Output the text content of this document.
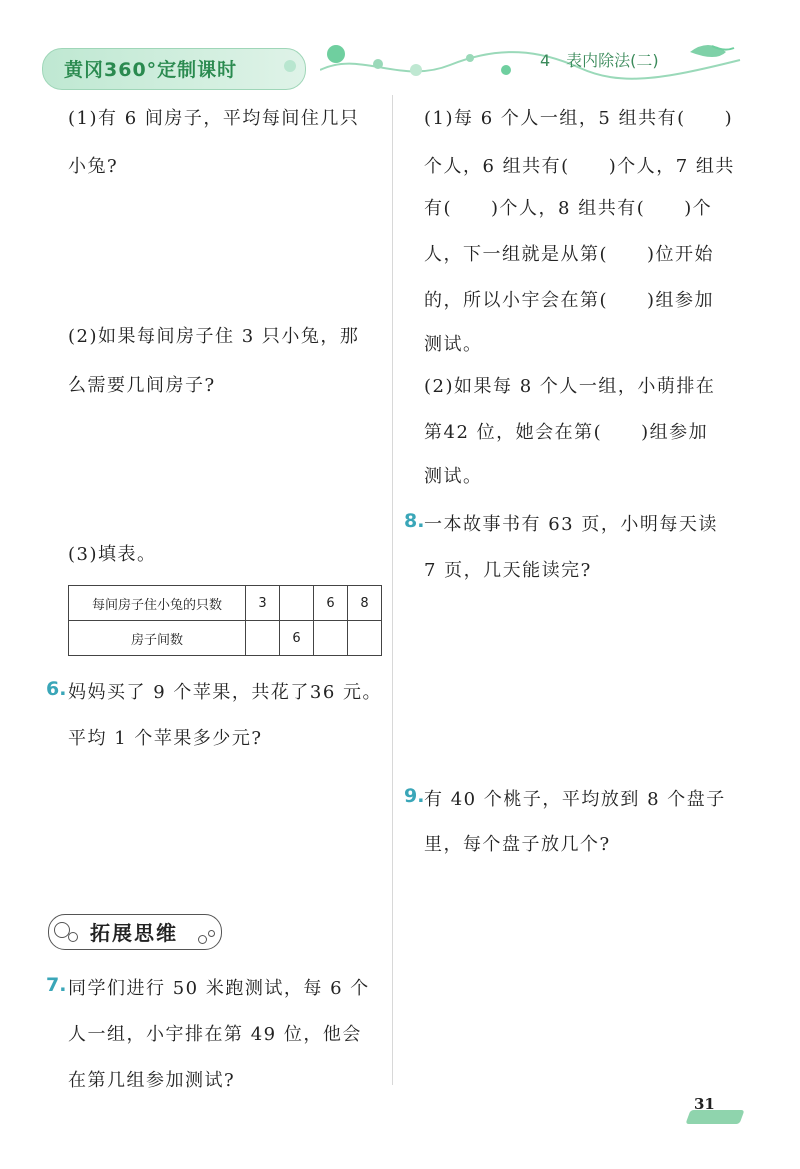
黄冈360°定制课时	4　表内除法(二)
(1)有 6 间房子，平均每间住几只
小兔?
(2)如果每间房子住 3 只小兔，那
么需要几间房子?
(3)填表。
每间房子住小兔的只数	3		6	8
房子间数		6		
6. 妈妈买了 9 个苹果，共花了36 元。
平均 1 个苹果多少元?
拓展思维
7. 同学们进行 50 米跑测试，每 6 个
人一组，小宇排在第 49 位，他会
在第几组参加测试?
(1)每 6 个人一组，5 组共有(　　)
个人，6 组共有(　　)个人，7 组共
有(　　)个人，8 组共有(　　)个
人，下一组就是从第(　　)位开始
的，所以小宇会在第(　　)组参加
测试。
(2)如果每 8 个人一组，小萌排在
第42 位，她会在第(　　)组参加
测试。
8. 一本故事书有 63 页，小明每天读
7 页，几天能读完?
9. 有 40 个桃子，平均放到 8 个盘子
里，每个盘子放几个?
31
